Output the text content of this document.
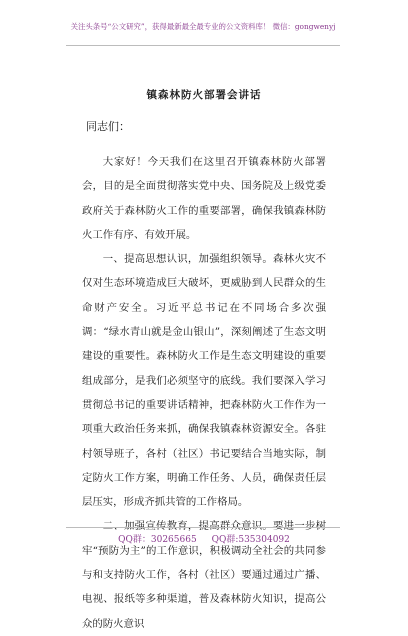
关注头条号“公文研究”，获得最新最全最专业的公文资料库！ 微信：gongwenyj
镇森林防火部署会讲话
同志们：

大家好！今天我们在这里召开镇森林防火部署会，目的是全面贯彻落实党中央、国务院及上级党委政府关于森林防火工作的重要部署，确保我镇森林防火工作有序、有效开展。

一、提高思想认识，加强组织领导。森林火灾不仅对生态环境造成巨大破坏，更威胁到人民群众的生命财产安全。习近平总书记在不同场合多次强调：“绿水青山就是金山银山”，深刻阐述了生态文明建设的重要性。森林防火工作是生态文明建设的重要组成部分，是我们必须坚守的底线。我们要深入学习贯彻总书记的重要讲话精神，把森林防火工作作为一项重大政治任务来抓，确保我镇森林资源安全。各驻村领导班子，各村（社区）书记要结合当地实际，制定防火工作方案，明确工作任务、人员，确保责任层层压实，形成齐抓共管的工作格局。

二、加强宣传教育，提高群众意识。要进一步树牢“预防为主”的工作意识，积极调动全社会的共同参与和支持防火工作，各村（社区）要通过通过广播、电视、报纸等多种渠道，普及森林防火知识，提高公众的防火意识

QQ群：30265665 QQ群:535304092
